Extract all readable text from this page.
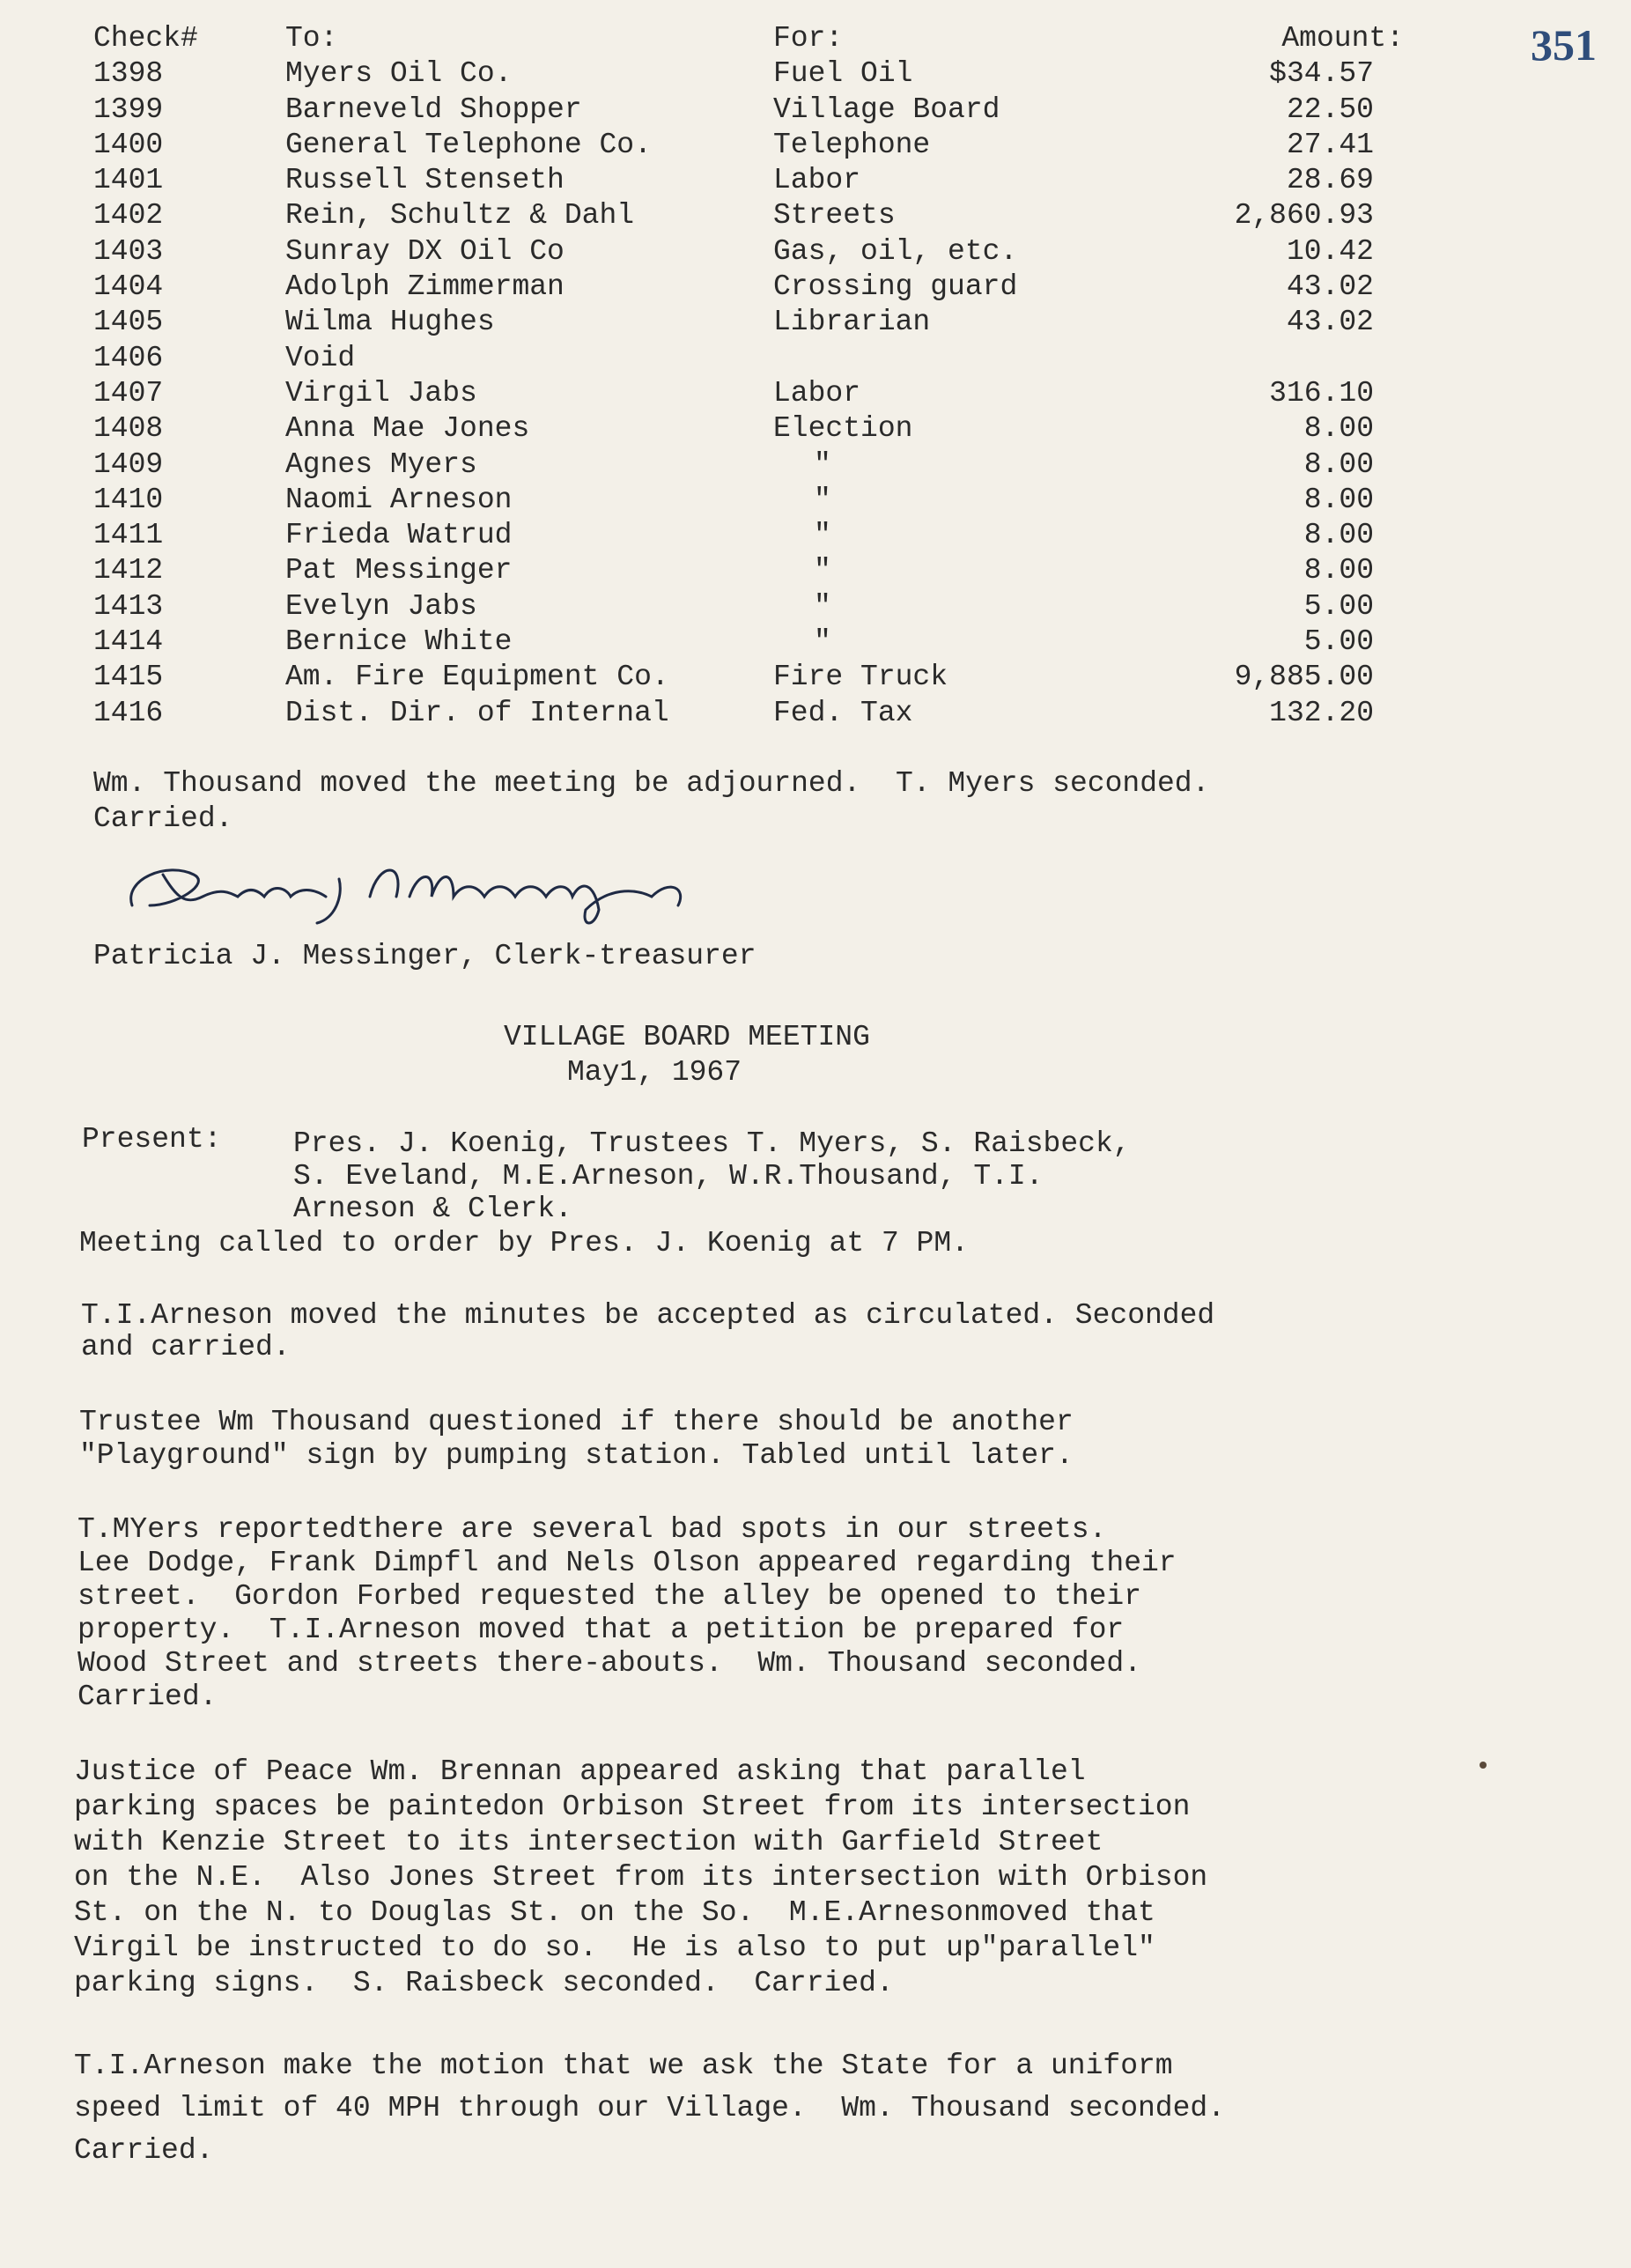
351
Check#	To:	For:	Amount:
1398	Myers Oil Co.	Fuel Oil	$34.57
1399	Barneveld Shopper	Village Board	22.50
1400	General Telephone Co.	Telephone	27.41
1401	Russell Stenseth	Labor	28.69
1402	Rein, Schultz & Dahl	Streets	2,860.93
1403	Sunray DX Oil Co	Gas, oil, etc.	10.42
1404	Adolph Zimmerman	Crossing guard	43.02
1405	Wilma Hughes	Librarian	43.02
1406	Void
1407	Virgil Jabs	Labor	316.10
1408	Anna Mae Jones	Election	8.00
1409	Agnes Myers	"	8.00
1410	Naomi Arneson	"	8.00
1411	Frieda Watrud	"	8.00
1412	Pat Messinger	"	8.00
1413	Evelyn Jabs	"	5.00
1414	Bernice White	"	5.00
1415	Am. Fire Equipment Co.	Fire Truck	9,885.00
1416	Dist. Dir. of Internal	Fed. Tax	132.20

Wm. Thousand moved the meeting be adjourned.  T. Myers seconded.
Carried.

Patricia J. Messinger, Clerk-treasurer

VILLAGE BOARD MEETING

May1, 1967

Present: Pres. J. Koenig, Trustees T. Myers, S. Raisbeck,
S. Eveland, M.E.Arneson, W.R.Thousand, T.I.
Arneson & Clerk.

Meeting called to order by Pres. J. Koenig at 7 PM.

T.I.Arneson moved the minutes be accepted as circulated. Seconded
and carried.

Trustee Wm Thousand questioned if there should be another
"Playground" sign by pumping station. Tabled until later.

T.MYers reportedthere are several bad spots in our streets.
Lee Dodge, Frank Dimpfl and Nels Olson appeared regarding their
street.  Gordon Forbed requested the alley be opened to their
property.  T.I.Arneson moved that a petition be prepared for
Wood Street and streets there-abouts.  Wm. Thousand seconded.
Carried.

Justice of Peace Wm. Brennan appeared asking that parallel
parking spaces be paintedon Orbison Street from its intersection
with Kenzie Street to its intersection with Garfield Street
on the N.E.  Also Jones Street from its intersection with Orbison
St. on the N. to Douglas St. on the So.  M.E.Arnesonmoved that
Virgil be instructed to do so.  He is also to put up"parallel"
parking signs.  S. Raisbeck seconded.  Carried.

T.I.Arneson make the motion that we ask the State for a uniform
speed limit of 40 MPH through our Village.  Wm. Thousand seconded.
Carried.
